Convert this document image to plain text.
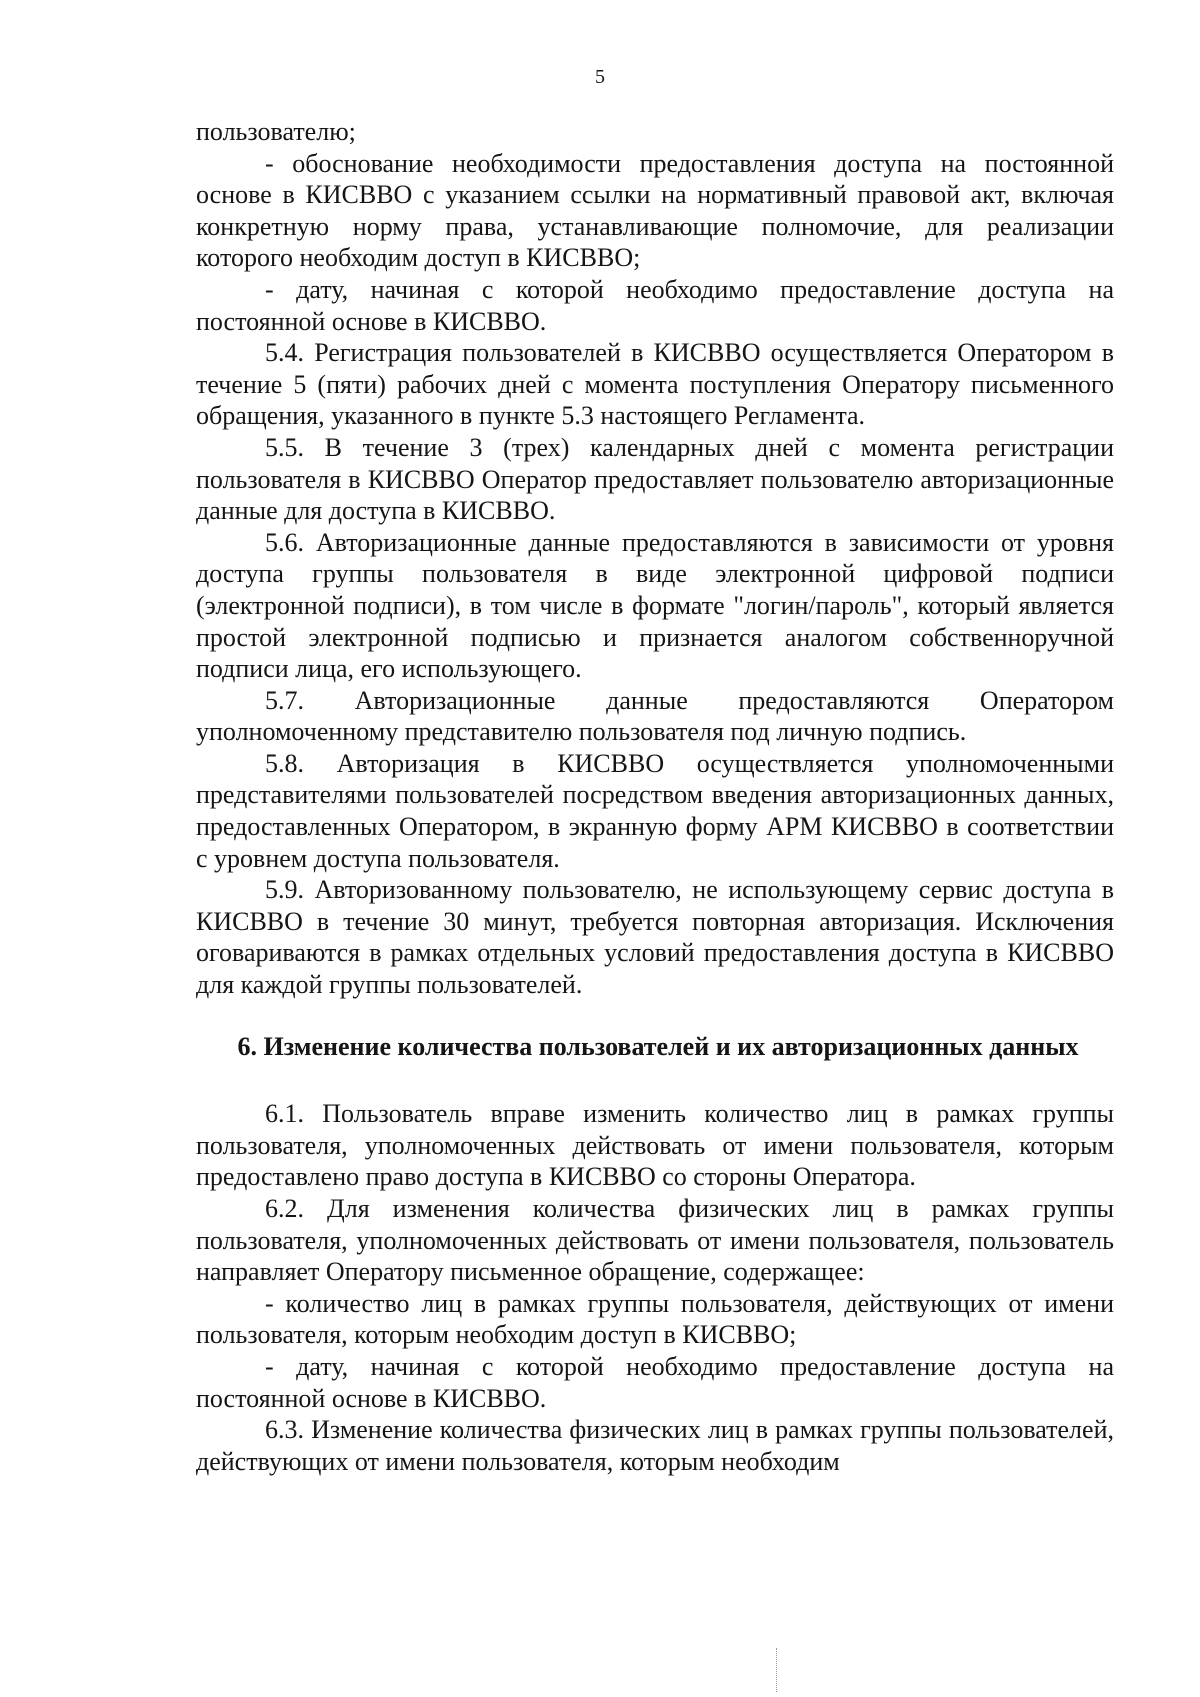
5

пользователю;

- обоснование необходимости предоставления доступа на постоянной основе в КИСВВО с указанием ссылки на нормативный правовой акт, включая конкретную норму права, устанавливающие полномочие, для реализации которого необходим доступ в КИСВВО;

- дату, начиная с которой необходимо предоставление доступа на постоянной основе в КИСВВО.

5.4. Регистрация пользователей в КИСВВО осуществляется Оператором в течение 5 (пяти) рабочих дней с момента поступления Оператору письменного обращения, указанного в пункте 5.3 настоящего Регламента.

5.5. В течение 3 (трех) календарных дней с момента регистрации пользователя в КИСВВО Оператор предоставляет пользователю авторизационные данные для доступа в КИСВВО.

5.6. Авторизационные данные предоставляются в зависимости от уровня доступа группы пользователя в виде электронной цифровой подписи (электронной подписи), в том числе в формате "логин/пароль", который является простой электронной подписью и признается аналогом собственноручной подписи лица, его использующего.

5.7. Авторизационные данные предоставляются Оператором уполномоченному представителю пользователя под личную подпись.

5.8. Авторизация в КИСВВО осуществляется уполномоченными представителями пользователей посредством введения авторизационных данных, предоставленных Оператором, в экранную форму АРМ КИСВВО в соответствии с уровнем доступа пользователя.

5.9. Авторизованному пользователю, не использующему сервис доступа в КИСВВО в течение 30 минут, требуется повторная авторизация. Исключения оговариваются в рамках отдельных условий предоставления доступа в КИСВВО для каждой группы пользователей.

6. Изменение количества пользователей и их авторизационных данных

6.1. Пользователь вправе изменить количество лиц в рамках группы пользователя, уполномоченных действовать от имени пользователя, которым предоставлено право доступа в КИСВВО со стороны Оператора.

6.2. Для изменения количества физических лиц в рамках группы пользователя, уполномоченных действовать от имени пользователя, пользователь направляет Оператору письменное обращение, содержащее:

- количество лиц в рамках группы пользователя, действующих от имени пользователя, которым необходим доступ в КИСВВО;

- дату, начиная с которой необходимо предоставление доступа на постоянной основе в КИСВВО.

6.3. Изменение количества физических лиц в рамках группы пользователей, действующих от имени пользователя, которым необходим
